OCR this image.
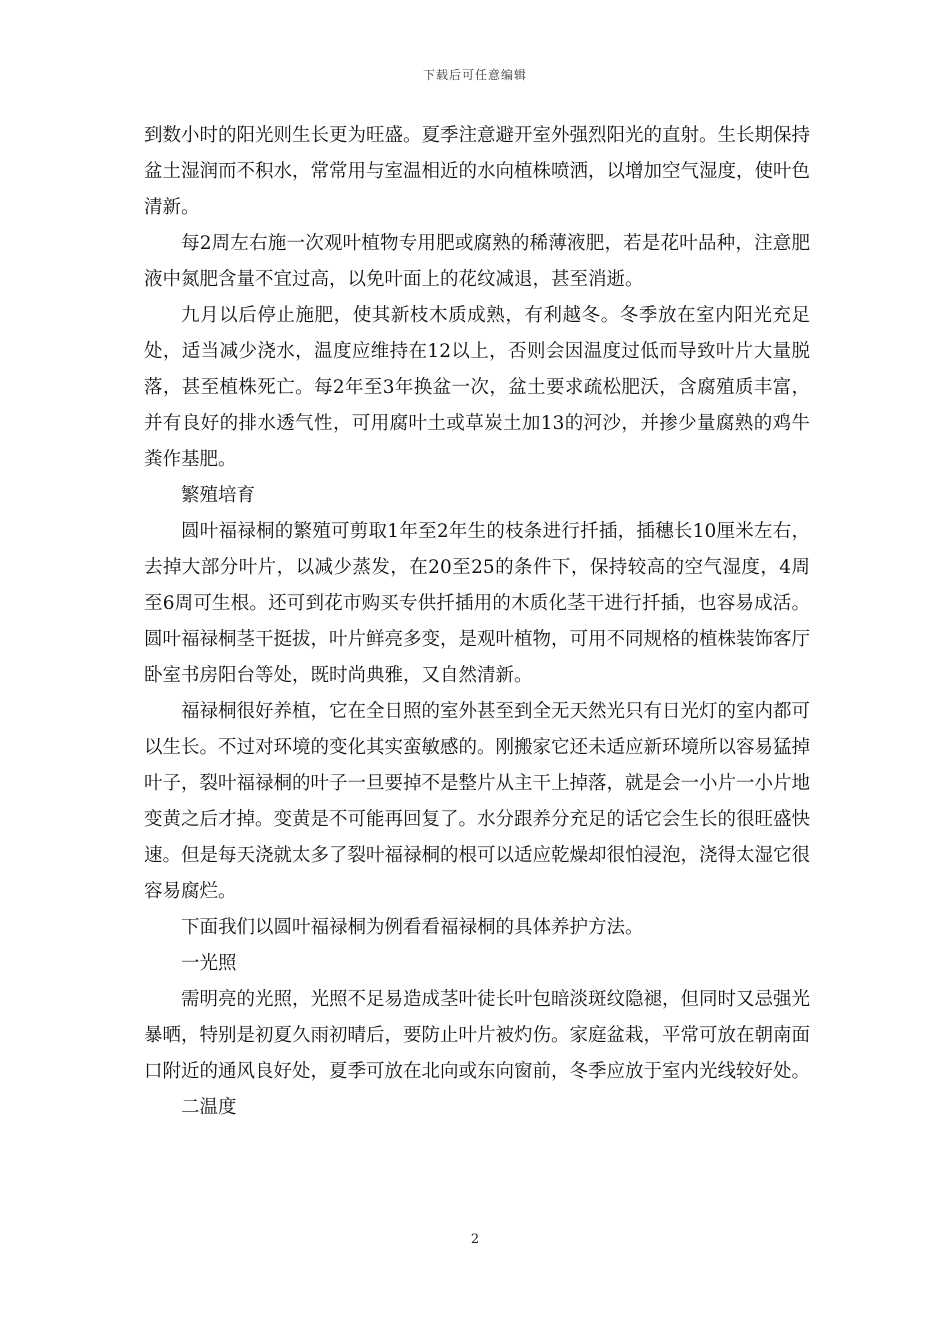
下载后可任意编辑

到数小时的阳光则生长更为旺盛。夏季注意避开室外强烈阳光的直射。生长期保持盆土湿润而不积水，常常用与室温相近的水向植株喷洒，以增加空气湿度，使叶色清新。

每2周左右施一次观叶植物专用肥或腐熟的稀薄液肥，若是花叶品种，注意肥液中氮肥含量不宜过高，以免叶面上的花纹减退，甚至消逝。

九月以后停止施肥，使其新枝木质成熟，有利越冬。冬季放在室内阳光充足处，适当减少浇水，温度应维持在12以上，否则会因温度过低而导致叶片大量脱落，甚至植株死亡。每2年至3年换盆一次，盆土要求疏松肥沃，含腐殖质丰富，并有良好的排水透气性，可用腐叶土或草炭土加13的河沙，并掺少量腐熟的鸡牛粪作基肥。

繁殖培育

圆叶福禄桐的繁殖可剪取1年至2年生的枝条进行扦插，插穗长10厘米左右，去掉大部分叶片，以减少蒸发，在20至25的条件下，保持较高的空气湿度，4周至6周可生根。还可到花市购买专供扦插用的木质化茎干进行扦插，也容易成活。圆叶福禄桐茎干挺拔，叶片鲜亮多变，是观叶植物，可用不同规格的植株装饰客厅卧室书房阳台等处，既时尚典雅，又自然清新。

福禄桐很好养植，它在全日照的室外甚至到全无天然光只有日光灯的室内都可以生长。不过对环境的变化其实蛮敏感的。刚搬家它还未适应新环境所以容易猛掉叶子，裂叶福禄桐的叶子一旦要掉不是整片从主干上掉落，就是会一小片一小片地变黄之后才掉。变黄是不可能再回复了。水分跟养分充足的话它会生长的很旺盛快速。但是每天浇就太多了裂叶福禄桐的根可以适应乾燥却很怕浸泡，浇得太湿它很容易腐烂。

下面我们以圆叶福禄桐为例看看福禄桐的具体养护方法。

一光照

需明亮的光照，光照不足易造成茎叶徒长叶包暗淡斑纹隐褪，但同时又忌强光暴晒，特别是初夏久雨初晴后，要防止叶片被灼伤。家庭盆栽，平常可放在朝南面口附近的通风良好处，夏季可放在北向或东向窗前，冬季应放于室内光线较好处。

二温度

2
